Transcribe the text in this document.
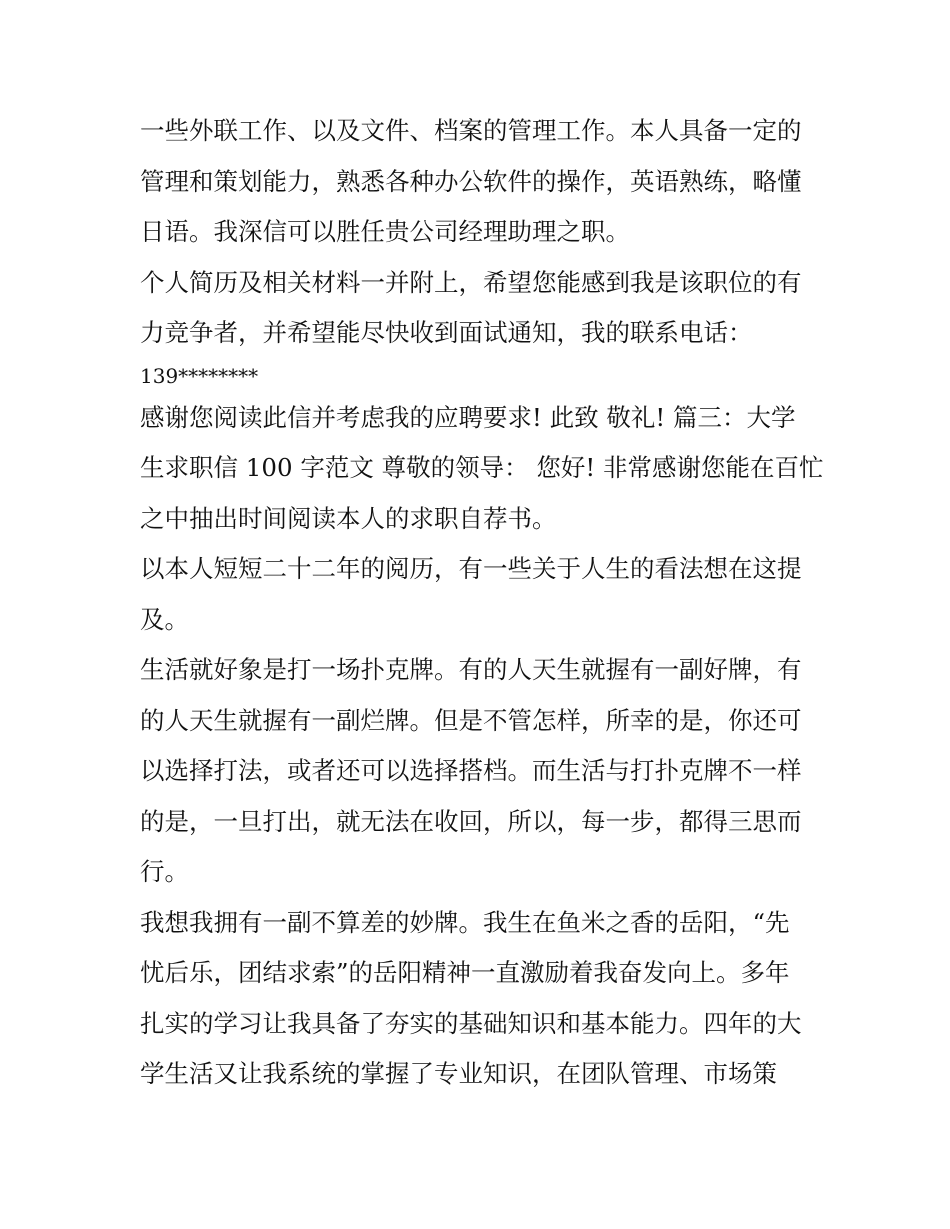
一些外联工作、以及文件、档案的管理工作。本人具备一定的
管理和策划能力，熟悉各种办公软件的操作，英语熟练，略懂
日语。我深信可以胜任贵公司经理助理之职。
个人简历及相关材料一并附上，希望您能感到我是该职位的有
力竞争者，并希望能尽快收到面试通知，我的联系电话：
139********
感谢您阅读此信并考虑我的应聘要求! 此致 敬礼! 篇三：大学
生求职信 100 字范文 尊敬的领导： 您好! 非常感谢您能在百忙
之中抽出时间阅读本人的求职自荐书。
以本人短短二十二年的阅历，有一些关于人生的看法想在这提
及。
生活就好象是打一场扑克牌。有的人天生就握有一副好牌，有
的人天生就握有一副烂牌。但是不管怎样，所幸的是，你还可
以选择打法，或者还可以选择搭档。而生活与打扑克牌不一样
的是，一旦打出，就无法在收回，所以，每一步，都得三思而
行。
我想我拥有一副不算差的妙牌。我生在鱼米之香的岳阳，“先
忧后乐，团结求索”的岳阳精神一直激励着我奋发向上。多年
扎实的学习让我具备了夯实的基础知识和基本能力。四年的大
学生活又让我系统的掌握了专业知识，在团队管理、市场策
